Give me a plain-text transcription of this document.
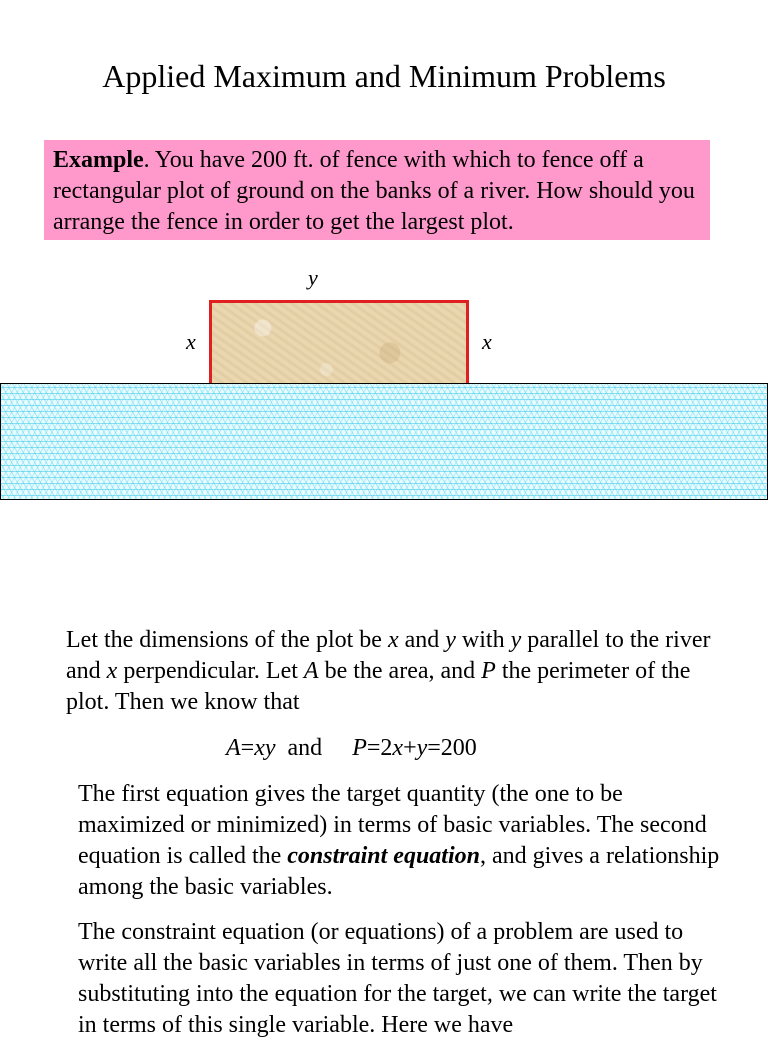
Applied Maximum and Minimum Problems
Example. You have 200 ft. of fence with which to fence off a rectangular plot of ground on the banks of a river. How should you arrange the fence in order to get the largest plot.
y
x	x
Let the dimensions of the plot be x and y with y parallel to the river and x perpendicular. Let A be the area, and P the perimeter of the plot. Then we know that
A=xy  and     P=2x+y=200
The first equation gives the target quantity (the one to be maximized or minimized) in terms of basic variables. The second equation is called the constraint equation, and gives a relationship among the basic variables.
The constraint equation (or equations) of a problem are used to write all the basic variables in terms of just one of them. Then by substituting into the equation for the target, we can write the target in terms of this single variable. Here we have
